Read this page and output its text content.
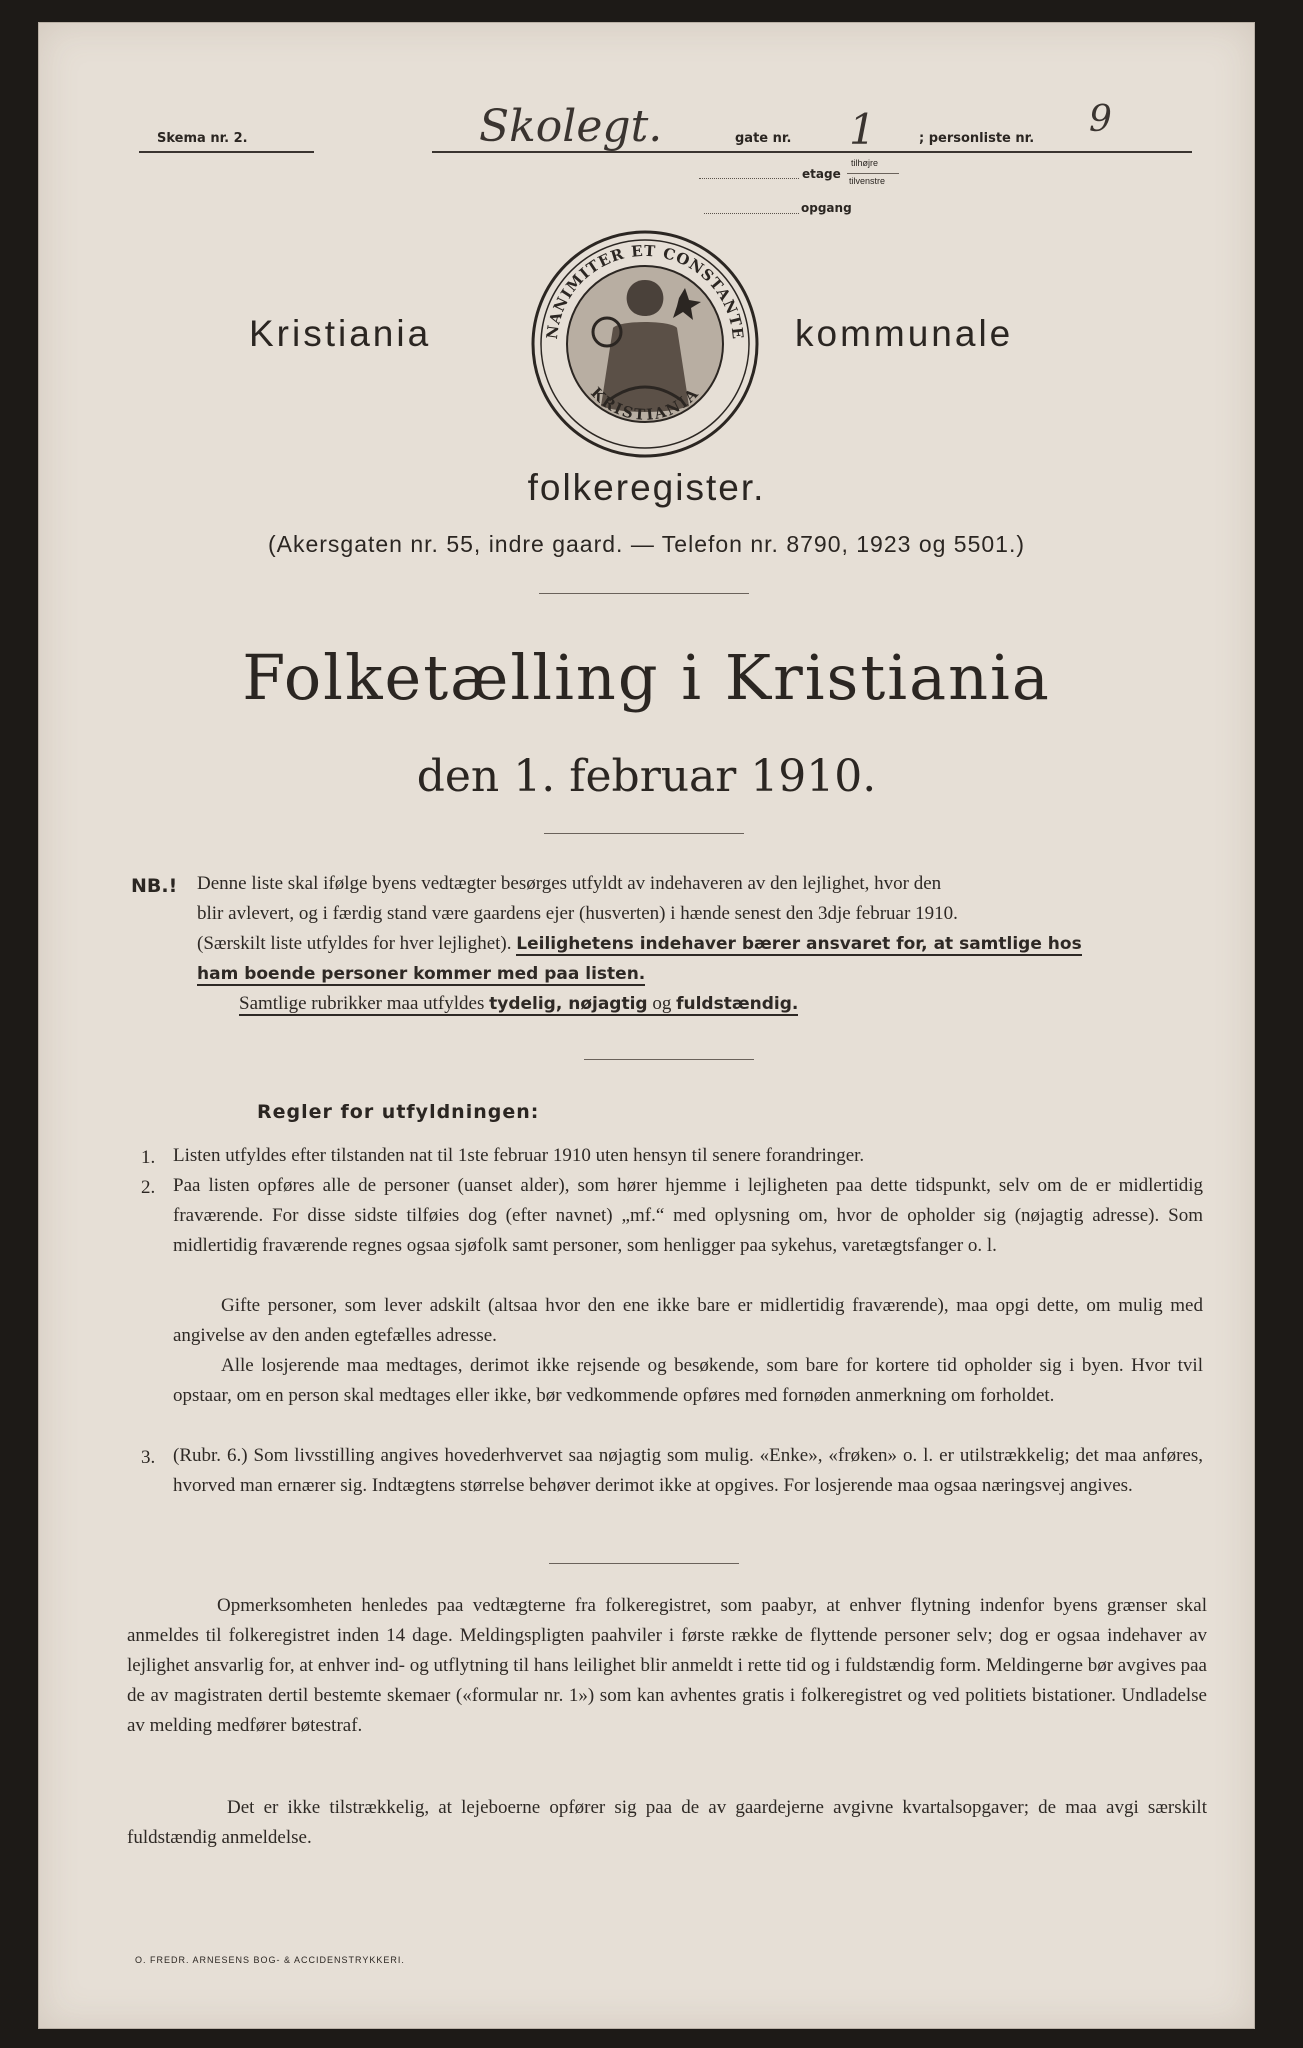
Skema nr. 2.	Skolegt.	gate nr. 1	; personliste nr. 9
etage
tilhøjre
tilvenstre
opgang
Kristiania	kommunale
NANIMITER ET CONSTANTE
KRISTIANIA
folkeregister.
(Akersgaten nr. 55, indre gaard. — Telefon nr. 8790, 1923 og 5501.)
Folketælling i Kristiania
den 1. februar 1910.
NB.! Denne liste skal ifølge byens vedtægter besørges utfyldt av indehaveren av den lejlighet, hvor den
blir avlevert, og i færdig stand være gaardens ejer (husverten) i hænde senest den 3dje februar 1910.
(Særskilt liste utfyldes for hver lejlighet). Leilighetens indehaver bærer ansvaret for, at samtlige hos
ham boende personer kommer med paa listen.
Samtlige rubrikker maa utfyldes tydelig, nøjagtig og fuldstændig.
Regler for utfyldningen:
1. Listen utfyldes efter tilstanden nat til 1ste februar 1910 uten hensyn til senere forandringer.
2. Paa listen opføres alle de personer (uanset alder), som hører hjemme i lejligheten paa dette tidspunkt, selv om de er midlertidig fraværende. For disse sidste tilføies dog (efter navnet) „mf.“ med oplysning om, hvor de opholder sig (nøjagtig adresse). Som midlertidig fraværende regnes ogsaa sjøfolk samt personer, som henligger paa sykehus, varetægtsfanger o. l.
Gifte personer, som lever adskilt (altsaa hvor den ene ikke bare er midlertidig fraværende), maa opgi dette, om mulig med angivelse av den anden egtefælles adresse.
Alle losjerende maa medtages, derimot ikke rejsende og besøkende, som bare for kortere tid opholder sig i byen. Hvor tvil opstaar, om en person skal medtages eller ikke, bør vedkommende opføres med fornøden anmerkning om forholdet.
3. (Rubr. 6.) Som livsstilling angives hovederhvervet saa nøjagtig som mulig. «Enke», «frøken» o. l. er utilstrækkelig; det maa anføres, hvorved man ernærer sig. Indtægtens størrelse behøver derimot ikke at opgives. For losjerende maa ogsaa næringsvej angives.
Opmerksomheten henledes paa vedtægterne fra folkeregistret, som paabyr, at enhver flytning indenfor byens grænser skal anmeldes til folkeregistret inden 14 dage. Meldingspligten paahviler i første række de flyttende personer selv; dog er ogsaa indehaver av lejlighet ansvarlig for, at enhver ind- og utflytning til hans leilighet blir anmeldt i rette tid og i fuldstændig form. Meldingerne bør avgives paa de av magistraten dertil bestemte skemaer («formular nr. 1») som kan avhentes gratis i folkeregistret og ved politiets bistationer. Undladelse av melding medfører bøtestraf.
Det er ikke tilstrækkelig, at lejeboerne opfører sig paa de av gaardejerne avgivne kvartalsopgaver; de maa avgi særskilt fuldstændig anmeldelse.
O. FREDR. ARNESENS BOG- & ACCIDENSTRYKKERI.
